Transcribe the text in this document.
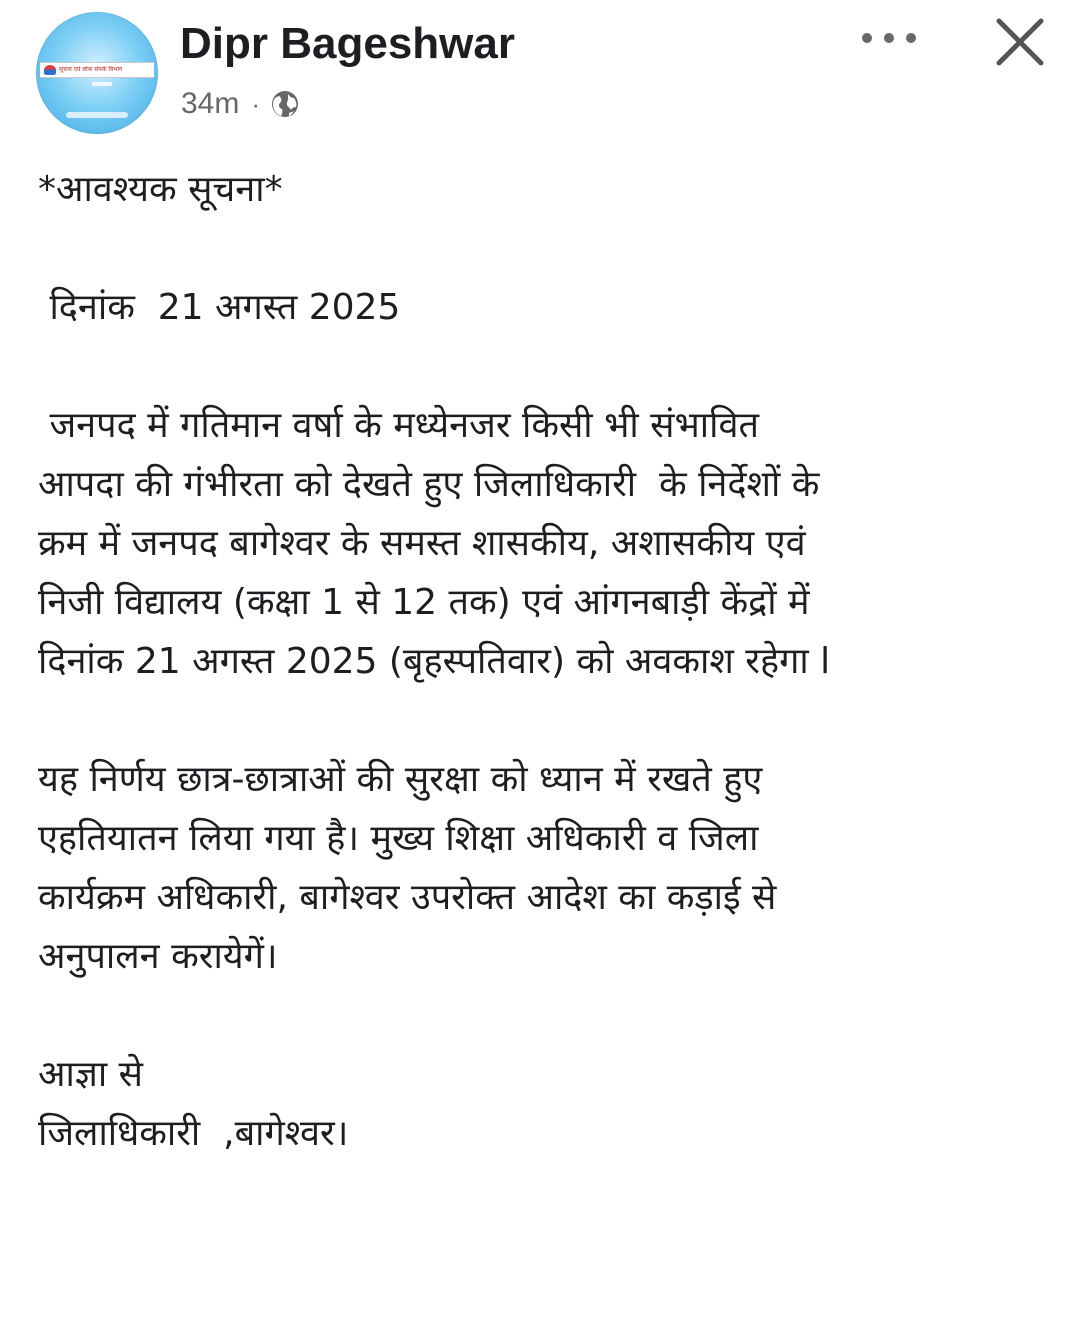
सूचना एवं लोक संपर्क विभाग
Dipr Bageshwar
34m ·

*आवश्यक सूचना*

दिनांक  21 अगस्त 2025

जनपद में गतिमान वर्षा के मध्येनजर किसी भी संभावित

आपदा की गंभीरता को देखते हुए जिलाधिकारी  के निर्देशों के

क्रम में जनपद बागेश्वर के समस्त शासकीय, अशासकीय एवं

निजी विद्यालय (कक्षा 1 से 12 तक) एवं आंगनबाड़ी केंद्रों में

दिनांक 21 अगस्त 2025 (बृहस्पतिवार) को अवकाश रहेगा l

यह निर्णय छात्र-छात्राओं की सुरक्षा को ध्यान में रखते हुए

एहतियातन लिया गया है। मुख्य शिक्षा अधिकारी व जिला

कार्यक्रम अधिकारी, बागेश्वर उपरोक्त आदेश का कड़ाई से

अनुपालन करायेगें।

आज्ञा से

जिलाधिकारी  ,बागेश्वर।
